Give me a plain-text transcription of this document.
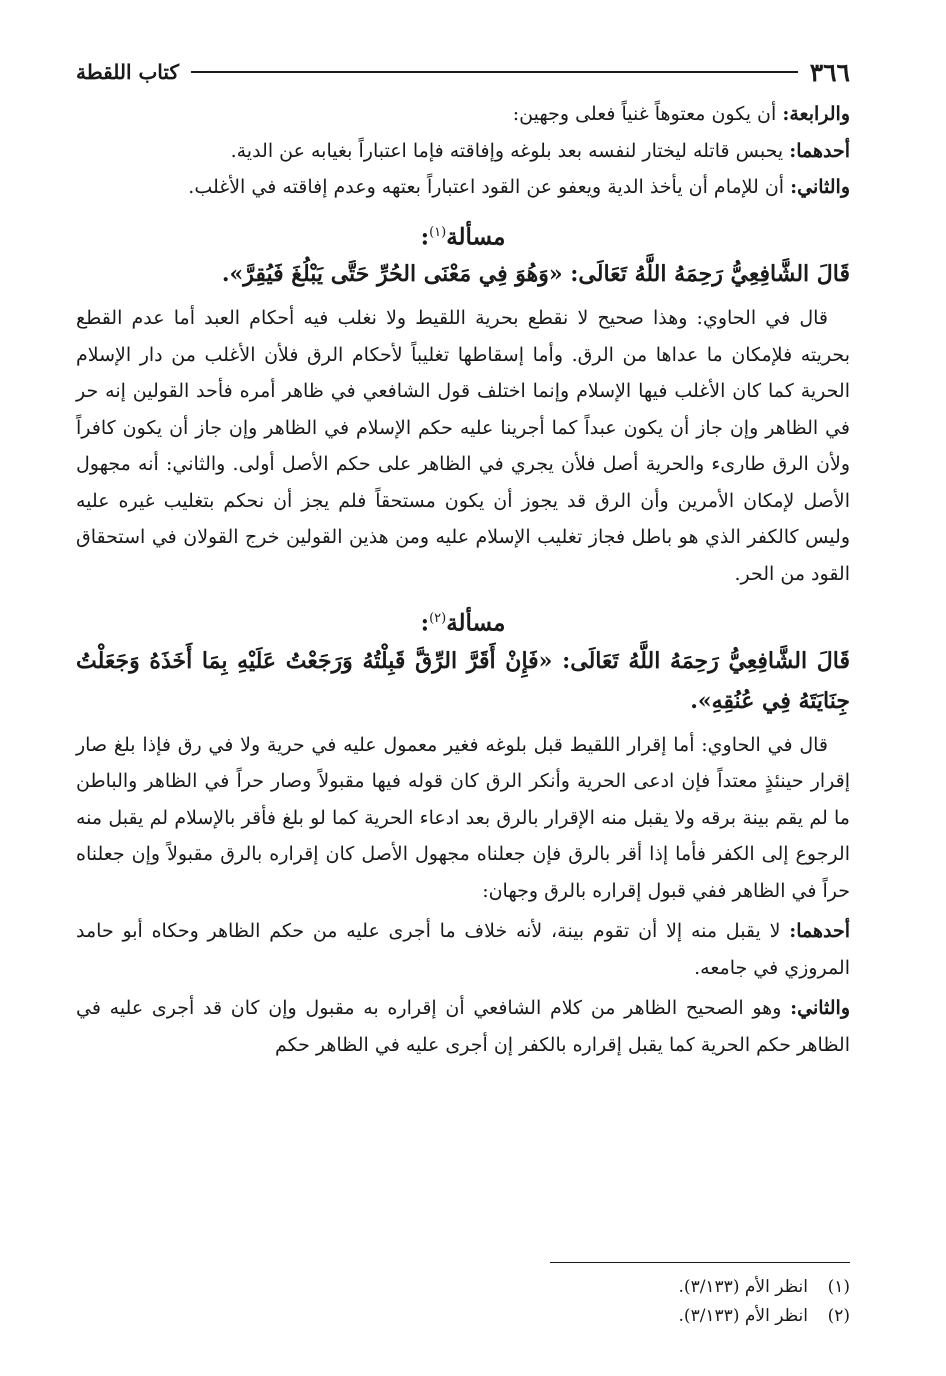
٣٦٦
كتاب اللقطة

والرابعة: أن يكون معتوهاً غنياً فعلى وجهين:

أحدهما: يحبس قاتله ليختار لنفسه بعد بلوغه وإفاقته فإما اعتباراً بغيابه عن الدية.

والثاني: أن للإمام أن يأخذ الدية ويعفو عن القود اعتباراً بعتهه وعدم إفاقته في الأغلب.

مسألة$^{(١)}$:

قَالَ الشَّافِعِيُّ رَحِمَهُ اللَّهُ تَعَالَى: «وَهُوَ فِي مَعْنَى الحُرِّ حَتَّى يَبْلُغَ فَيُقِرَّ».

قال في الحاوي: وهذا صحيح لا نقطع بحرية اللقيط ولا نغلب فيه أحكام العبد أما عدم القطع بحريته فلإمكان ما عداها من الرق. وأما إسقاطها تغليباً لأحكام الرق فلأن الأغلب من دار الإسلام الحرية كما كان الأغلب فيها الإسلام وإنما اختلف قول الشافعي في ظاهر أمره فأحد القولين إنه حر في الظاهر وإن جاز أن يكون عبداً كما أجرينا عليه حكم الإسلام في الظاهر وإن جاز أن يكون كافراً ولأن الرق طارىء والحرية أصل فلأن يجري في الظاهر على حكم الأصل أولى. والثاني: أنه مجهول الأصل لإمكان الأمرين وأن الرق قد يجوز أن يكون مستحقاً فلم يجز أن نحكم بتغليب غيره عليه وليس كالكفر الذي هو باطل فجاز تغليب الإسلام عليه ومن هذين القولين خرج القولان في استحقاق القود من الحر.

مسألة$^{(٢)}$:

قَالَ الشَّافِعِيُّ رَحِمَهُ اللَّهُ تَعَالَى: «فَإِنْ أَقَرَّ الرِّقَّ قَبِلْتُهُ وَرَجَعْتُ عَلَيْهِ بِمَا أَخَذَهُ وَجَعَلْتُ جِنَايَتَهُ فِي عُنُقِهِ».

قال في الحاوي: أما إقرار اللقيط قبل بلوغه فغير معمول عليه في حرية ولا في رق فإذا بلغ صار إقرار حينئذٍ معتداً فإن ادعى الحرية وأنكر الرق كان قوله فيها مقبولاً وصار حراً في الظاهر والباطن ما لم يقم بينة برقه ولا يقبل منه الإقرار بالرق بعد ادعاء الحرية كما لو بلغ فأقر بالإسلام لم يقبل منه الرجوع إلى الكفر فأما إذا أقر بالرق فإن جعلناه مجهول الأصل كان إقراره بالرق مقبولاً وإن جعلناه حراً في الظاهر ففي قبول إقراره بالرق وجهان:

أحدهما: لا يقبل منه إلا أن تقوم بينة، لأنه خلاف ما أجرى عليه من حكم الظاهر وحكاه أبو حامد المروزي في جامعه.

والثاني: وهو الصحيح الظاهر من كلام الشافعي أن إقراره به مقبول وإن كان قد أجرى عليه في الظاهر حكم الحرية كما يقبل إقراره بالكفر إن أجرى عليه في الظاهر حكم

(١)
انظر الأم (٣/١٣٣).
(٢)
انظر الأم (٣/١٣٣).
